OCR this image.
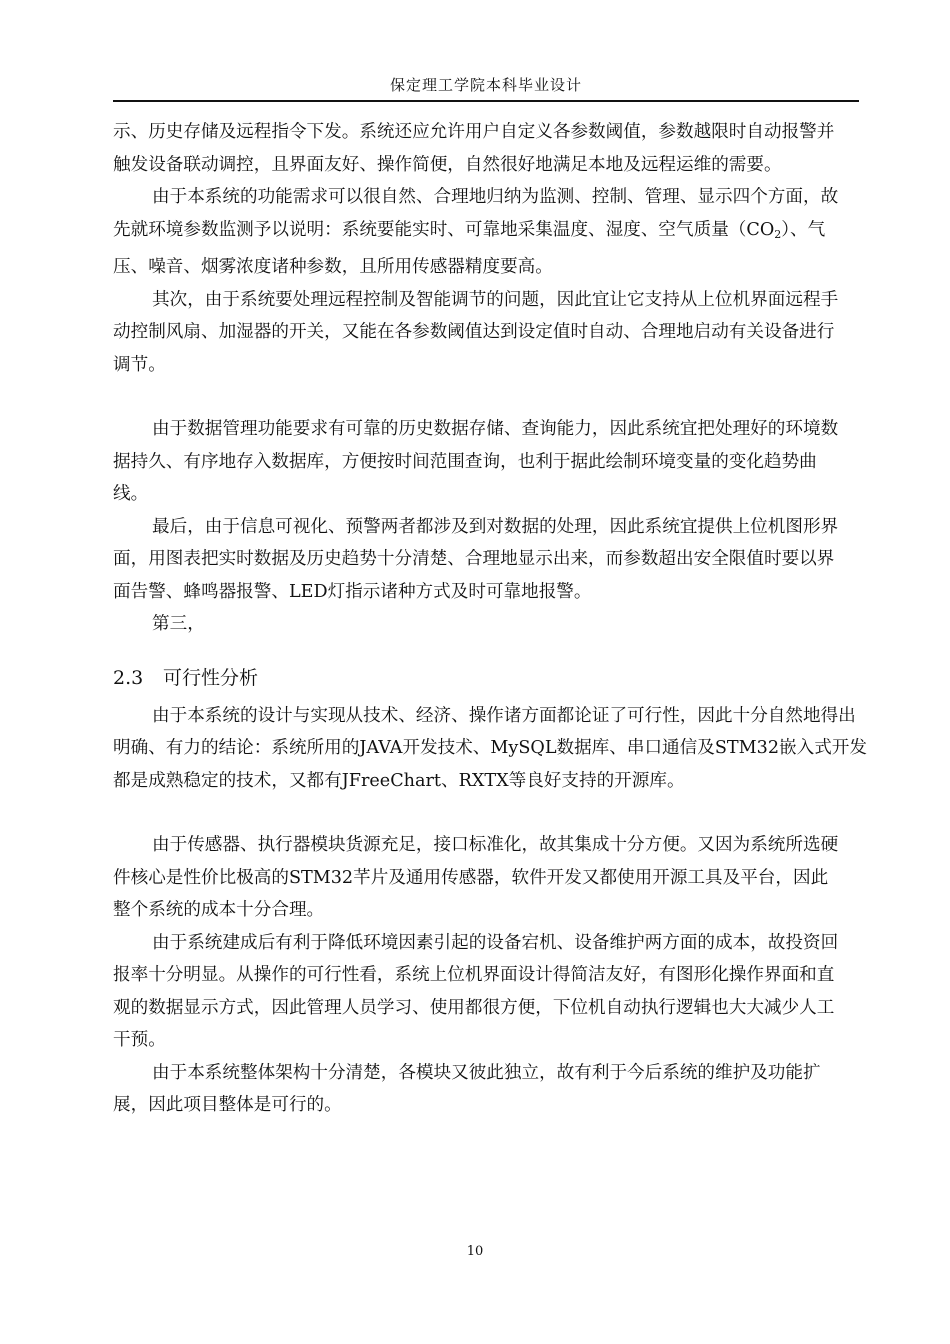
保定理工学院本科毕业设计

示、历史存储及远程指令下发。系统还应允许用户自定义各参数阈值，参数越限时自动报警并触发设备联动调控，且界面友好、操作简便，自然很好地满足本地及远程运维的需要。

由于本系统的功能需求可以很自然、合理地归纳为监测、控制、管理、显示四个方面，故先就环境参数监测予以说明：系统要能实时、可靠地采集温度、湿度、空气质量$(CO_2)$、气压、噪音、烟雾浓度诸种参数，且所用传感器精度要高。

其次，由于系统要处理远程控制及智能调节的问题，因此宜让它支持从上位机界面远程手动控制风扇、加湿器的开关，又能在各参数阈值达到设定值时自动、合理地启动有关设备进行调节。

由于数据管理功能要求有可靠的历史数据存储、查询能力，因此系统宜把处理好的环境数据持久、有序地存入数据库，方便按时间范围查询，也利于据此绘制环境变量的变化趋势曲线。

最后，由于信息可视化、预警两者都涉及到对数据的处理，因此系统宜提供上位机图形界面，用图表把实时数据及历史趋势十分清楚、合理地显示出来，而参数超出安全限值时要以界面告警、蜂鸣器报警、LED灯指示诸种方式及时可靠地报警。

第三，

2.3 可行性分析

由于本系统的设计与实现从技术、经济、操作诸方面都论证了可行性，因此十分自然地得出明确、有力的结论：系统所用的JAVA开发技术、MySQL数据库、串口通信及STM32嵌入式开发都是成熟稳定的技术，又都有JFreeChart、RXTX等良好支持的开源库。

由于传感器、执行器模块货源充足，接口标准化，故其集成十分方便。又因为系统所选硬件核心是性价比极高的STM32芊片及通用传感器，软件开发又都使用开源工具及平台，因此整个系统的成本十分合理。

由于系统建成后有利于降低环境因素引起的设备宕机、设备维护两方面的成本，故投资回报率十分明显。从操作的可行性看，系统上位机界面设计得简洁友好，有图形化操作界面和直观的数据显示方式，因此管理人员学习、使用都很方便，下位机自动执行逻辑也大大减少人工干预。

由于本系统整体架构十分清楚，各模块又彼此独立，故有利于今后系统的维护及功能扩展，因此项目整体是可行的。

10
